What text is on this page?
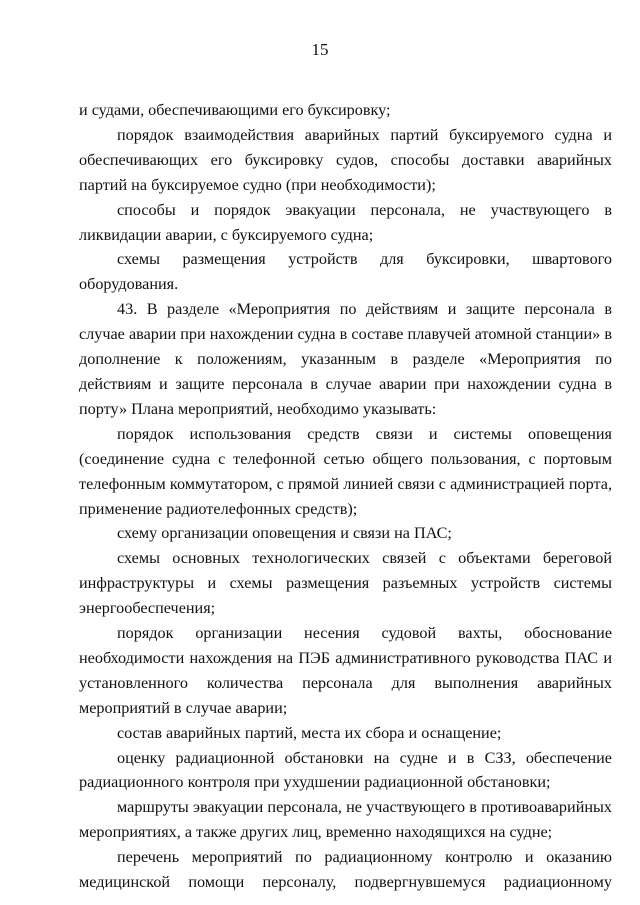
15

и судами, обеспечивающими его буксировку;

порядок взаимодействия аварийных партий буксируемого судна и обеспечивающих его буксировку судов, способы доставки аварийных партий на буксируемое судно (при необходимости);

способы и порядок эвакуации персонала, не участвующего в ликвидации аварии, с буксируемого судна;

схемы размещения устройств для буксировки, швартового оборудования.

43. В разделе «Мероприятия по действиям и защите персонала в случае аварии при нахождении судна в составе плавучей атомной станции» в дополнение к положениям, указанным в разделе «Мероприятия по действиям и защите персонала в случае аварии при нахождении судна в порту» Плана мероприятий, необходимо указывать:

порядок использования средств связи и системы оповещения (соединение судна с телефонной сетью общего пользования, с портовым телефонным коммутатором, с прямой линией связи с администрацией порта, применение радиотелефонных средств);

схему организации оповещения и связи на ПАС;

схемы основных технологических связей с объектами береговой инфраструктуры и схемы размещения разъемных устройств системы энергообеспечения;

порядок организации несения судовой вахты, обоснование необходимости нахождения на ПЭБ административного руководства ПАС и установленного количества персонала для выполнения аварийных мероприятий в случае аварии;

состав аварийных партий, места их сбора и оснащение;

оценку радиационной обстановки на судне и в СЗЗ, обеспечение радиационного контроля при ухудшении радиационной обстановки;

маршруты эвакуации персонала, не участвующего в противоаварийных мероприятиях, а также других лиц, временно находящихся на судне;

перечень мероприятий по радиационному контролю и оказанию медицинской помощи персоналу, подвергнувшемуся радиационному
